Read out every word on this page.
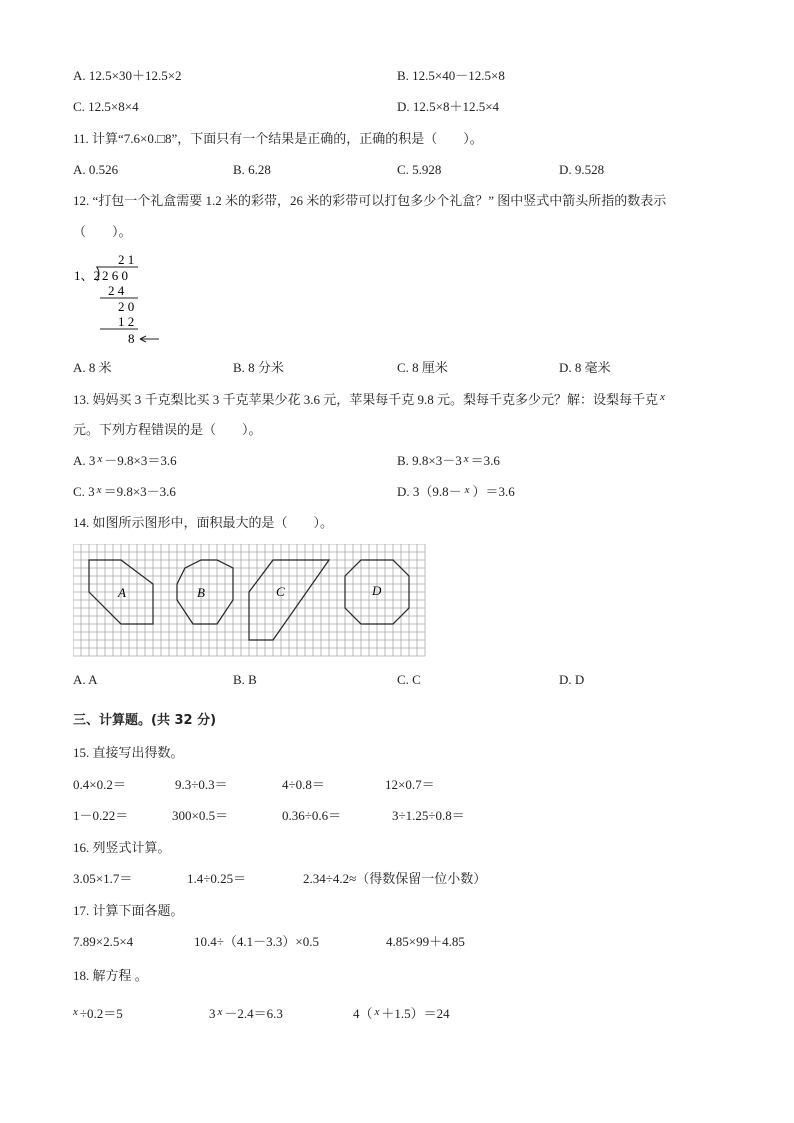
A. 12.5×30＋12.5×2	B. 12.5×40－12.5×8
C. 12.5×8×4	D. 12.5×8＋12.5×4
11. 计算“7.6×0.□8”，下面只有一个结果是正确的，正确的积是（　　）。
A. 0.526	B. 6.28	C. 5.928	D. 9.528
12. “打包一个礼盒需要 1.2 米的彩带，26 米的彩带可以打包多少个礼盒？” 图中竖式中箭头所指的数表示
（　　）。
2 1
1、2 2 6 0
2 4
2 0
1 2
8
A. 8 米	B. 8 分米	C. 8 厘米	D. 8 毫米
13. 妈妈买 3 千克梨比买 3 千克苹果少花 3.6 元，苹果每千克 9.8 元。梨每千克多少元？解：设梨每千克 $^x$
元。下列方程错误的是（　　）。
A. 3 $^x$ －9.8×3＝3.6	B. 9.8×3－3 $^x$ ＝3.6
C. 3 $^x$ ＝9.8×3－3.6	D. 3（9.8－ $^x$ ）＝3.6
14. 如图所示图形中，面积最大的是（　　）。
A	B	C	D
A. A	B. B	C. C	D. D
三、计算题。(共 32 分)
15. 直接写出得数。
0.4×0.2＝	9.3÷0.3＝	4÷0.8＝	12×0.7＝
1－0.22＝	300×0.5＝	0.36÷0.6＝	3÷1.25÷0.8＝
16. 列竖式计算。
3.05×1.7＝	1.4÷0.25＝	2.34÷4.2≈（得数保留一位小数）
17. 计算下面各题。
7.89×2.5×4	10.4÷（4.1－3.3）×0.5	4.85×99＋4.85
18. 解方程 。
$^x$ ÷0.2＝5	3 $^x$ －2.4＝6.3	4（ $^x$ ＋1.5）＝24
